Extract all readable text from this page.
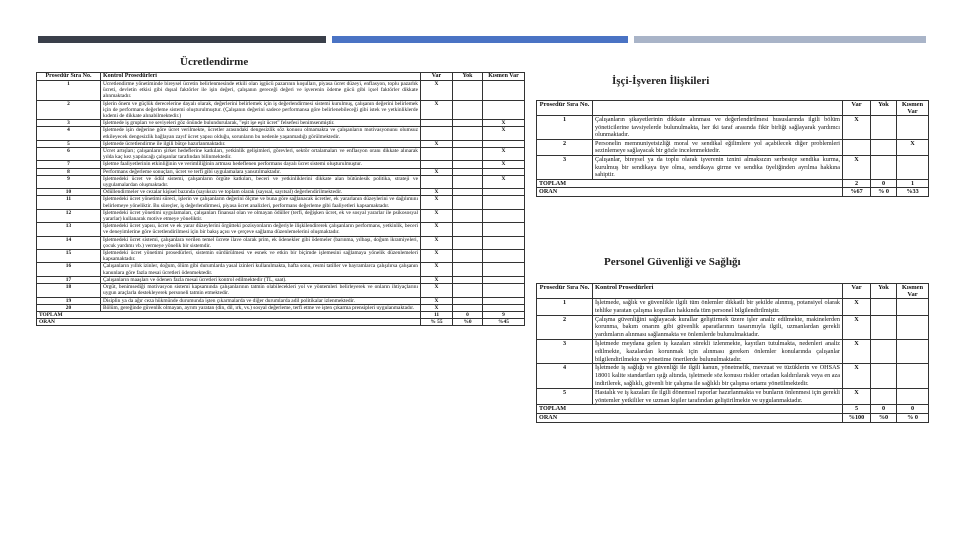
Ücretlendirme
Prosedür Sıra No.	Kontrol Prosedürleri	Var	Yok	Kısmen Var
1	Ücretlendirme yönetiminde bireysel ücretin belirlenmesinde etkili olan işgücü pazarının koşulları, piyasa ücret düzeyi, enflasyon, toplu pazarlık ücreti, devletin etkisi gibi dışsal faktörler ile işin değeri, çalışanın gereceği değeri ve işverenin ödeme gücü gibi içsel faktörler dikkate alınmaktadır.	X		
2	İşlerin önem ve güçlük derecelerine dayalı olarak, değerlerini belirlemek için iş değerlendirmesi sistemi kurulmuş, çalışanın değerini belirlemek için de performans değerleme sistemi oluşturulmuştur. (Çalışanın değerini sadece performansa göre belirlenebileceği gibi istek ve yetkinliklerde kıdemi de dikkate alınabilmektedir.)	X		
3	İşletmede iş grupları ve seviyeleri göz önünde bulundurularak, "eşit işe eşit ücret" felsefesi benimsenmiştir.			X
4	İşletmede işin değerine göre ücret verilmekte, ücretler arasındaki dengesizlik söz konusu olmamakta ve çalışanların motivasyonunu olumsuz etkileyecek dengesizlik bağlayan zayıf ücret yapısı olduğu, sorunların bu nedenle yaşanmadığı görülmektedir.			X
5	İşletmede ücretlendirme ile ilgili bütçe hazırlanmaktadır.	X		
6	Ücret artışları; çalışanların şirket hedeflerine katkıları, yetkinlik gelişimleri, görevleri, sektör ortalamaları ve enflasyon oranı dikkate alınarak yılda kaç kez yapılacağı çalışanlar tarafından bilinmektedir.			X
7	İşletme faaliyetlerinin etkinliğinin ve verimliliğinin artması hedeflenen performans dayalı ücret sistemi oluşturulmuştur.			X
8	Performans değerleme sonuçları, ücret ve terfi gibi uygulamalara yansıtılmaktadır.	X		
9	İşletmedeki ücret ve ödül sistemi, çalışanların örgüte katkıları, beceri ve yetkinliklerini dikkate alan bütünlesik politika, strateji ve uygulamalardan oluşmaktadır.			X
10	Ödüllendirmeler ve cezalar kişisel bazında (sayıksızı ve toplam olarak (sayısal, sayıtsal) değerlendirilmektedir.	X		
11	İşletmedeki ücret yönetimi süreci, işlerin ve çalışanların değerini ölçme ve buna göre sağlanacak ücretler, ek yararlanın düzeylerini ve dağılımını belirlemeye yöneliktir. Bu süreçler, iş değerlendirmesi, piyasa ücret analizleri, performans değerleme gibi faaliyetleri kapsamaktadır.	X		
12	İşletmedeki ücret yönetimi uygulamaları, çalışanları finansal olan ve olmayan ödüller (terfi, değişken ücret, ek ve sosyal yararlar ile psikososyal yararlar) kullanarak motive etmeye yöneliktir.	X		
13	İşletmedeki ücret yapısı, ücret ve ek yarar düzeylerini örgütteki pozisyonların değeriyle ilişkilendirerek çalışanların performans, yetkinlik, beceri ve deneyimlerine göre ücretlendirilmesi için bir bakış açısı ve çerçeve sağlama düzenlemelerini oluşmaktadır.	X		
14	İşletmedeki ücret sistemi, çalışanlara verilen temel ücrete ilave olarak prim, ek ödenekler gibi ödemeler (barınma, yılbaşı, doğum ikramiyeleri, çocuk yardımı vb.) vermeye yönelik bir sistemdir.	X		
15	İşletmedeki ücret yönetimi prosedürleri, sistemin sürdürülmesi ve esnek ve etkin bir biçimde işlemesini sağlamaya yönelik düzenlemeleri kapsamaktadır.	X		
16	Çalışanların yıllık izinler, doğum, ölüm gibi durumlarda yasal izinleri kullanılmakta, hafta sonu, resmi tatiller ve bayramlarca çalışılırsa çalışanın kanunlara göre fazla mesai ücretleri ödenmektedir.	X		
17	Çalışanların maaşları ve ödenen fazla mesai ücretleri kontrol edilmektedir (TL, saat).	X		
18	Örgüt, benimsediği motivasyon sistemi kapsamında çalışanlarının tatmin olabilecekleri yol ve yöntemleri belirleyerek ve onların ihtiyaçlarını uygun araçlarla destekleyerek personeli tatmin etmektedir.	X		
19	Disiplin ya da ağır ceza hükmünde durumunda işten çıkarmalarda ve diğer durumlarda adil politikalar izlenmektedir.	X		
20	Bölüm, gereğinde güvenlik olmayan, ayrım yaratan (din, dil, ırk, vs.) sosyal değerleme, terfi etme ve işten çıkarma prensipleri uygulanmaktadır.	X		
TOPLAM		11	0	9
ORAN		% 55	%0	%45
İşçi-İşveren İlişkileri
Prosedür Sıra No.		Var	Yok	Kısmen Var
1	Çalışanların şikayetlerinin dikkate alınması ve değerlendirilmesi hususlarında ilgili bölüm yöneticilerine tavsiyelerde bulunulmakta, her iki taraf arasında fikir birliği sağlayarak yardımcı olunmaktadır.	X		
2	Personelin memnuniyetsizliği moral ve sendikal eğilimlere yol açabilecek diğer problemleri sezinlemeye sağlayacak bir gözle incelenmektedir.			X
3	Çalışanlar, bireysel ya da toplu olarak işverenin iznini almaksızın serbestçe sendika kurma, kurulmuş bir sendikaya üye olma, sendikaya girme ve sendika üyeliğinden ayrılma hakkına sahiptir.	X		
TOPLAM		2	0	1
ORAN		%67	% 0	%33
Personel Güvenliği ve Sağlığı
Prosedür Sıra No.	Kontrol Prosedürleri	Var	Yok	Kısmen Var
1	İşletmede, sağlık ve güvenlikle ilgili tüm önlemler dikkatli bir şekilde alınmış, potansiyel olarak tehlike yaratan çalışma koşulları hakkında tüm personel bilgilendirilmiştir.	X		
2	Çalışma güvenliğini sağlayacak kurallar geliştirmek üzere işler analiz edilmekte, makinelerden korunma, bakım onarım gibi güvenlik aparatlarının tasarımıyla ilgili, uzmanlardan gerekli yardımların alınması sağlanmakta ve önlemlerde bulunulmaktadır.	X		
3	İşletmede meydana gelen iş kazaları sürekli izlenmekte, kayıtları tutulmakta, nedenleri analiz edilmekte, kazalardan korunmak için alınması gereken önlemler konularında çalışanlar bilgilendirilmekte ve yönetime önerilerde bulunulmaktadır.	X		
4	İşletmede iş sağlığı ve güvenliği ile ilgili kanun, yönetmelik, mevzuat ve tüzüklerin ve OHSAS 18001 kalite standartları ışığı altında, işletmede söz konusu riskler ortadan kaldırılarak veya en aza indirilerek, sağlıklı, güvenli bir çalışma ile sağlıklı bir çalışma ortamı yönetilmektedir.	X		
5	Hastalık ve iş kazaları ile ilgili dönemsel raporlar hazırlanmakta ve bunların önlenmesi için gerekli yöntemler yetkililer ve uzman kişiler tarafından geliştirilmekte ve uygulanmaktadır.	X		
TOPLAM		5	0	0
ORAN		%100	%0	% 0
